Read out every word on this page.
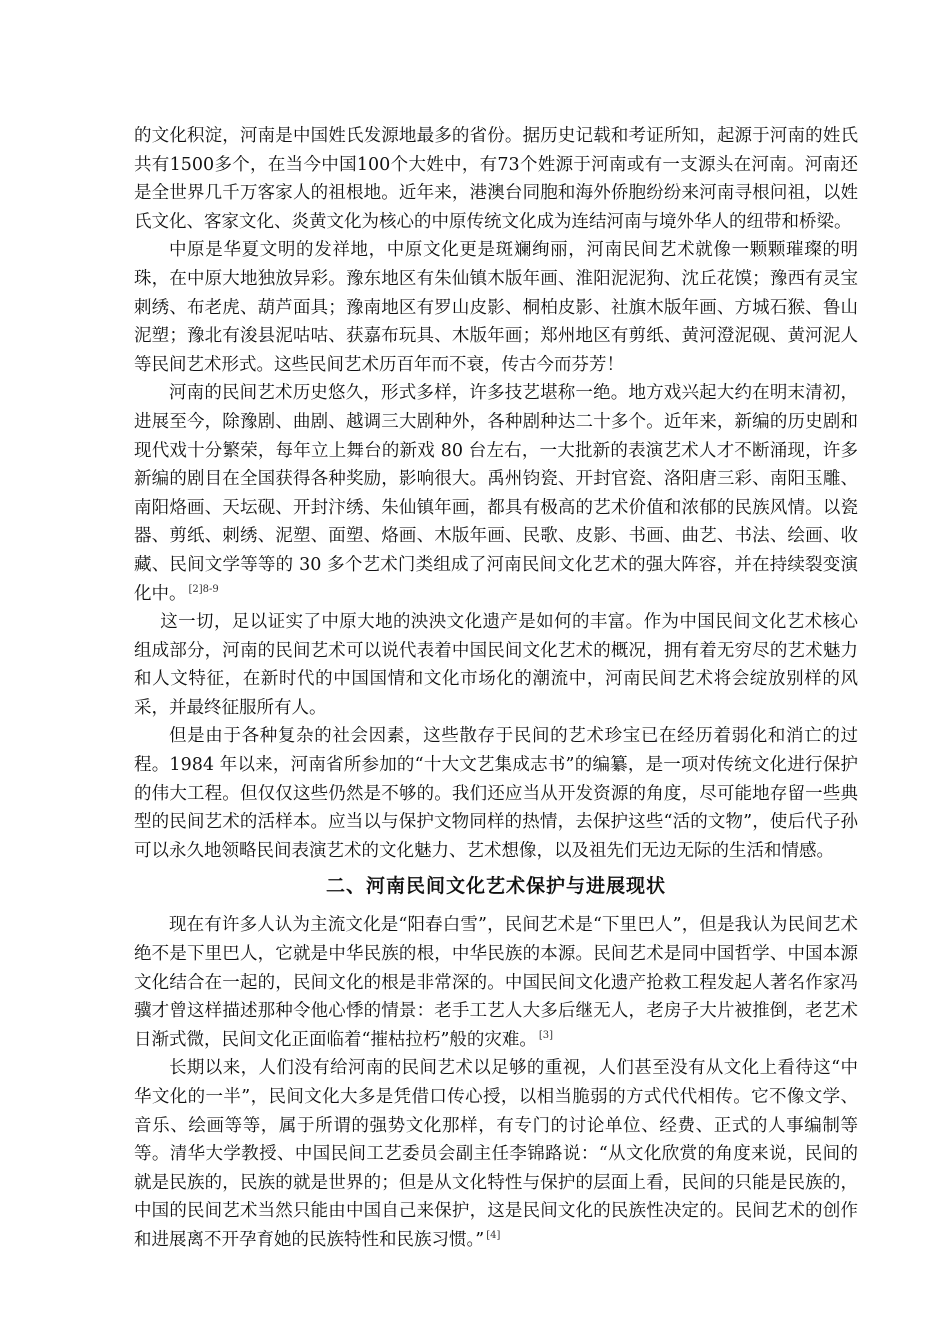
的文化积淀，河南是中国姓氏发源地最多的省份。据历史记载和考证所知，起源于河南的姓氏共有1500多个，在当今中国100个大姓中，有73个姓源于河南或有一支源头在河南。河南还是全世界几千万客家人的祖根地。近年来，港澳台同胞和海外侨胞纷纷来河南寻根问祖，以姓氏文化、客家文化、炎黄文化为核心的中原传统文化成为连结河南与境外华人的纽带和桥梁。

中原是华夏文明的发祥地，中原文化更是斑斓绚丽，河南民间艺术就像一颗颗璀璨的明珠，在中原大地独放异彩。豫东地区有朱仙镇木版年画、淮阳泥泥狗、沈丘花馍；豫西有灵宝刺绣、布老虎、葫芦面具；豫南地区有罗山皮影、桐柏皮影、社旗木版年画、方城石猴、鲁山泥塑；豫北有浚县泥咕咕、获嘉布玩具、木版年画；郑州地区有剪纸、黄河澄泥砚、黄河泥人等民间艺术形式。这些民间艺术历百年而不衰，传古今而芬芳！

河南的民间艺术历史悠久，形式多样，许多技艺堪称一绝。地方戏兴起大约在明末清初，进展至今，除豫剧、曲剧、越调三大剧种外，各种剧种达二十多个。近年来，新编的历史剧和现代戏十分繁荣，每年立上舞台的新戏 80 台左右，一大批新的表演艺术人才不断涌现，许多新编的剧目在全国获得各种奖励，影响很大。禹州钧瓷、开封官瓷、洛阳唐三彩、南阳玉雕、南阳烙画、天坛砚、开封汴绣、朱仙镇年画，都具有极高的艺术价值和浓郁的民族风情。以瓷器、剪纸、刺绣、泥塑、面塑、烙画、木版年画、民歌、皮影、书画、曲艺、书法、绘画、收藏、民间文学等等的 30 多个艺术门类组成了河南民间文化艺术的强大阵容，并在持续裂变演化中。 $^{[2]8-9}$

这一切，足以证实了中原大地的泱泱文化遗产是如何的丰富。作为中国民间文化艺术核心组成部分，河南的民间艺术可以说代表着中国民间文化艺术的概况，拥有着无穷尽的艺术魅力和人文特征，在新时代的中国国情和文化市场化的潮流中，河南民间艺术将会绽放别样的风采，并最终征服所有人。

但是由于各种复杂的社会因素，这些散存于民间的艺术珍宝已在经历着弱化和消亡的过程。1984 年以来，河南省所参加的“十大文艺集成志书”的编纂，是一项对传统文化进行保护的伟大工程。但仅仅这些仍然是不够的。我们还应当从开发资源的角度，尽可能地存留一些典型的民间艺术的活样本。应当以与保护文物同样的热情，去保护这些“活的文物”，使后代子孙可以永久地领略民间表演艺术的文化魅力、艺术想像，以及祖先们无边无际的生活和情感。

二、河南民间文化艺术保护与进展现状

现在有许多人认为主流文化是“阳春白雪”，民间艺术是“下里巴人”，但是我认为民间艺术绝不是下里巴人，它就是中华民族的根，中华民族的本源。民间艺术是同中国哲学、中国本源文化结合在一起的，民间文化的根是非常深的。中国民间文化遗产抢救工程发起人著名作家冯骥才曾这样描述那种令他心悸的情景：老手工艺人大多后继无人，老房子大片被推倒，老艺术日渐式微，民间文化正面临着“摧枯拉朽”般的灾难。 [3]

长期以来，人们没有给河南的民间艺术以足够的重视，人们甚至没有从文化上看待这“中华文化的一半”，民间文化大多是凭借口传心授，以相当脆弱的方式代代相传。它不像文学、音乐、绘画等等，属于所谓的强势文化那样，有专门的讨论单位、经费、正式的人事编制等等。清华大学教授、中国民间工艺委员会副主任李锦路说：“从文化欣赏的角度来说，民间的就是民族的，民族的就是世界的；但是从文化特性与保护的层面上看，民间的只能是民族的，中国的民间艺术当然只能由中国自己来保护，这是民间文化的民族性决定的。民间艺术的创作和进展离不开孕育她的民族特性和民族习惯。” [4]
